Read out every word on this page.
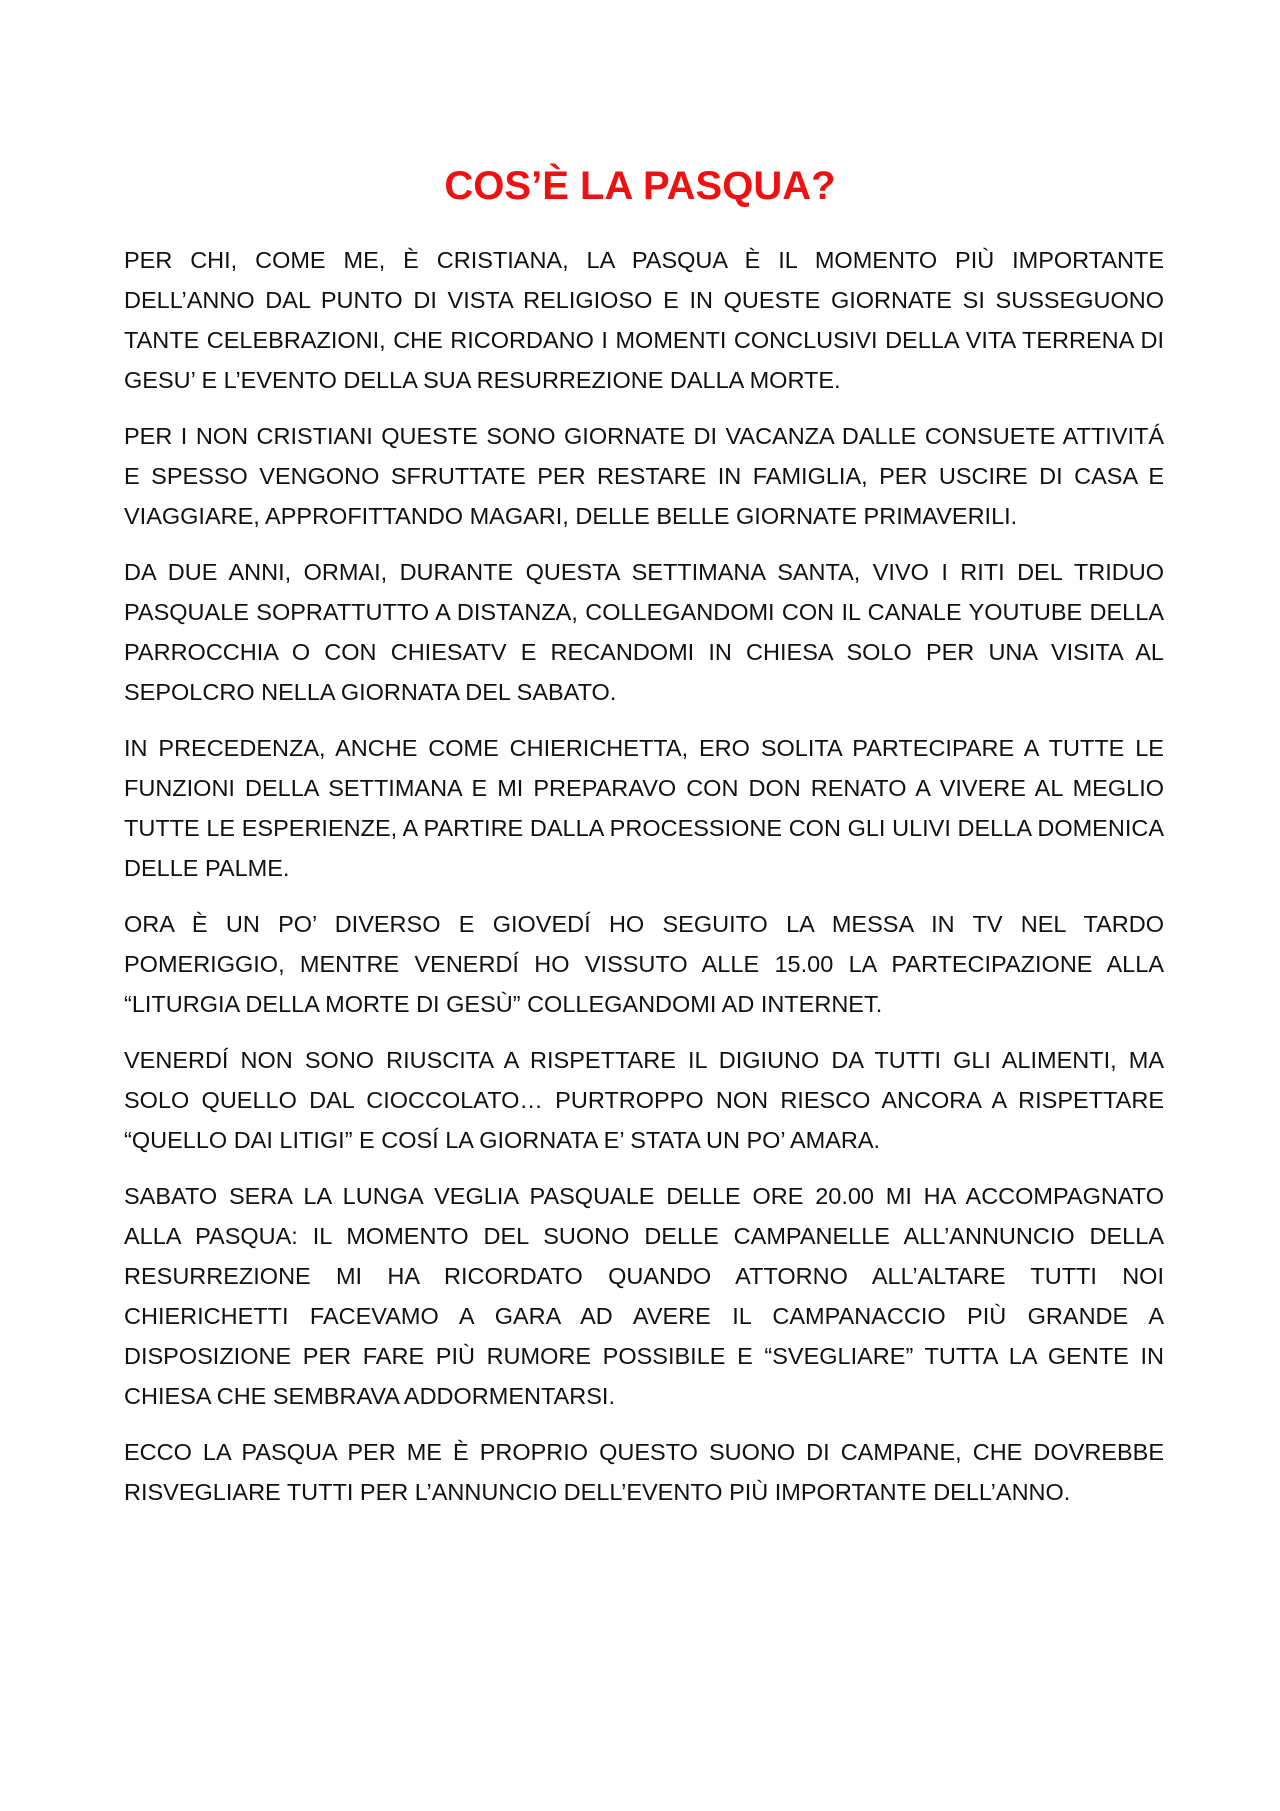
COS’È LA PASQUA?

PER CHI, COME ME, È CRISTIANA, LA PASQUA È IL MOMENTO PIÙ IMPORTANTE DELL’ANNO DAL PUNTO DI VISTA RELIGIOSO E IN QUESTE GIORNATE SI SUSSEGUONO TANTE CELEBRAZIONI, CHE RICORDANO I MOMENTI CONCLUSIVI DELLA VITA TERRENA DI GESU’ E L’EVENTO DELLA SUA RESURREZIONE DALLA MORTE.

PER I NON CRISTIANI QUESTE SONO GIORNATE DI VACANZA DALLE CONSUETE ATTIVITÁ E SPESSO VENGONO SFRUTTATE PER RESTARE IN FAMIGLIA, PER USCIRE DI CASA E VIAGGIARE, APPROFITTANDO MAGARI, DELLE BELLE GIORNATE PRIMAVERILI.

DA DUE ANNI, ORMAI, DURANTE QUESTA SETTIMANA SANTA, VIVO I RITI DEL TRIDUO PASQUALE SOPRATTUTTO A DISTANZA, COLLEGANDOMI CON IL CANALE YOUTUBE DELLA PARROCCHIA O CON CHIESATV E RECANDOMI IN CHIESA SOLO PER UNA VISITA AL SEPOLCRO NELLA GIORNATA DEL SABATO.

IN PRECEDENZA, ANCHE COME CHIERICHETTA, ERO SOLITA PARTECIPARE A TUTTE LE FUNZIONI DELLA SETTIMANA E MI PREPARAVO CON DON RENATO A VIVERE AL MEGLIO TUTTE LE ESPERIENZE, A PARTIRE DALLA PROCESSIONE CON GLI ULIVI DELLA DOMENICA DELLE PALME.

ORA È UN PO’ DIVERSO E GIOVEDÍ HO SEGUITO LA MESSA IN TV NEL TARDO POMERIGGIO, MENTRE VENERDÍ HO VISSUTO ALLE 15.00 LA PARTECIPAZIONE ALLA “LITURGIA DELLA MORTE DI GESÙ” COLLEGANDOMI AD INTERNET.

VENERDÍ NON SONO RIUSCITA A RISPETTARE IL DIGIUNO DA TUTTI GLI ALIMENTI, MA SOLO QUELLO DAL CIOCCOLATO… PURTROPPO NON RIESCO ANCORA A RISPETTARE “QUELLO DAI LITIGI” E COSÍ LA GIORNATA E’ STATA UN PO’ AMARA.

SABATO SERA LA LUNGA VEGLIA PASQUALE DELLE ORE 20.00 MI HA ACCOMPAGNATO ALLA PASQUA: IL MOMENTO DEL SUONO DELLE CAMPANELLE ALL’ANNUNCIO DELLA RESURREZIONE MI HA RICORDATO QUANDO ATTORNO ALL’ALTARE TUTTI NOI CHIERICHETTI FACEVAMO A GARA AD AVERE IL CAMPANACCIO PIÙ GRANDE A DISPOSIZIONE PER FARE PIÙ RUMORE POSSIBILE E “SVEGLIARE” TUTTA LA GENTE IN CHIESA CHE SEMBRAVA ADDORMENTARSI.

ECCO LA PASQUA PER ME È PROPRIO QUESTO SUONO DI CAMPANE, CHE DOVREBBE RISVEGLIARE TUTTI PER L’ANNUNCIO DELL’EVENTO PIÙ IMPORTANTE DELL’ANNO.
